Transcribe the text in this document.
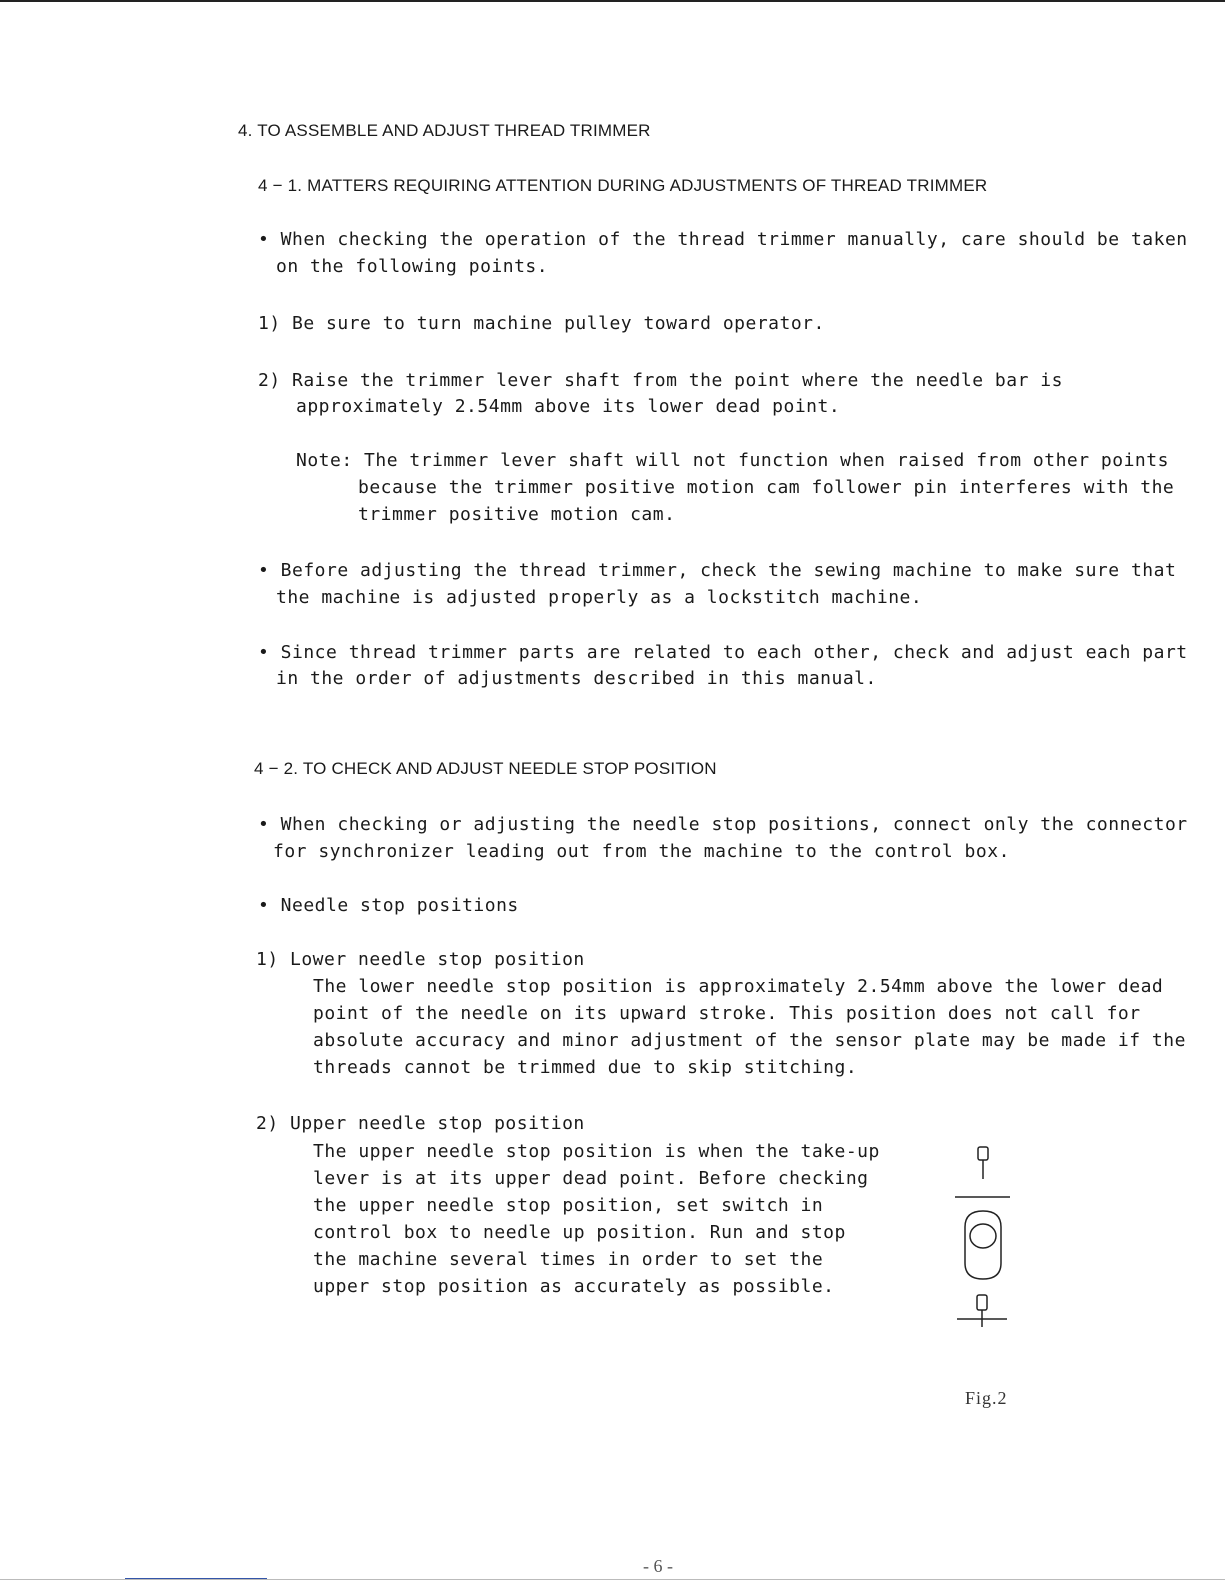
4. TO ASSEMBLE AND ADJUST THREAD TRIMMER
4 − 1. MATTERS REQUIRING ATTENTION DURING ADJUSTMENTS OF THREAD TRIMMER
• When checking the operation of the thread trimmer manually, care should be taken
on the following points.
1) Be sure to turn machine pulley toward operator.
2) Raise the trimmer lever shaft from the point where the needle bar is
approximately 2.54mm above its lower dead point.
Note: The trimmer lever shaft will not function when raised from other points
because the trimmer positive motion cam follower pin interferes with the
trimmer positive motion cam.
• Before adjusting the thread trimmer, check the sewing machine to make sure that
the machine is adjusted properly as a lockstitch machine.
• Since thread trimmer parts are related to each other, check and adjust each part
in the order of adjustments described in this manual.
4 − 2. TO CHECK AND ADJUST NEEDLE STOP POSITION
• When checking or adjusting the needle stop positions, connect only the connector
for synchronizer leading out from the machine to the control box.
• Needle stop positions
1) Lower needle stop position
The lower needle stop position is approximately 2.54mm above the lower dead
point of the needle on its upward stroke. This position does not call for
absolute accuracy and minor adjustment of the sensor plate may be made if the
threads cannot be trimmed due to skip stitching.
2) Upper needle stop position
The upper needle stop position is when the take-up
lever is at its upper dead point. Before checking
the upper needle stop position, set switch in
control box to needle up position. Run and stop
the machine several times in order to set the
upper stop position as accurately as possible.
Fig.2
- 6 -
